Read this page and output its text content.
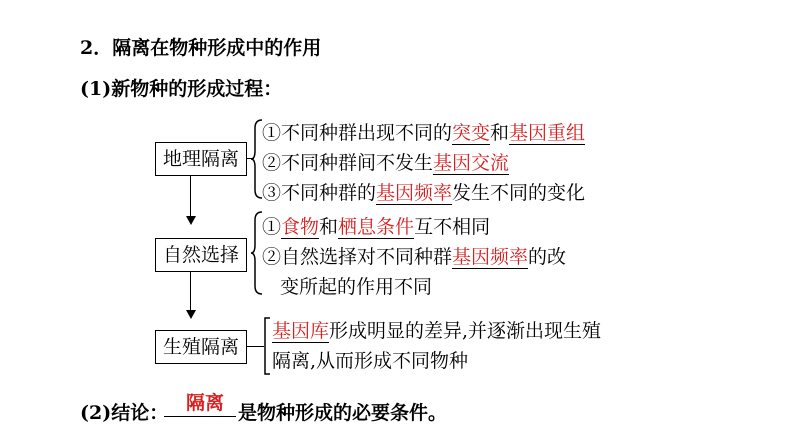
2．隔离在物种形成中的作用
(1)新物种的形成过程：
地理隔离
①不同种群出现不同的突变和基因重组
②不同种群间不发生基因交流
③不同种群的基因频率发生不同的变化
自然选择
①食物和栖息条件互不相同
②自然选择对不同种群基因频率的改
变所起的作用不同
生殖隔离
基因库形成明显的差异,并逐渐出现生殖
隔离,从而形成不同物种
(2)结论： 隔离 是物种形成的必要条件。
